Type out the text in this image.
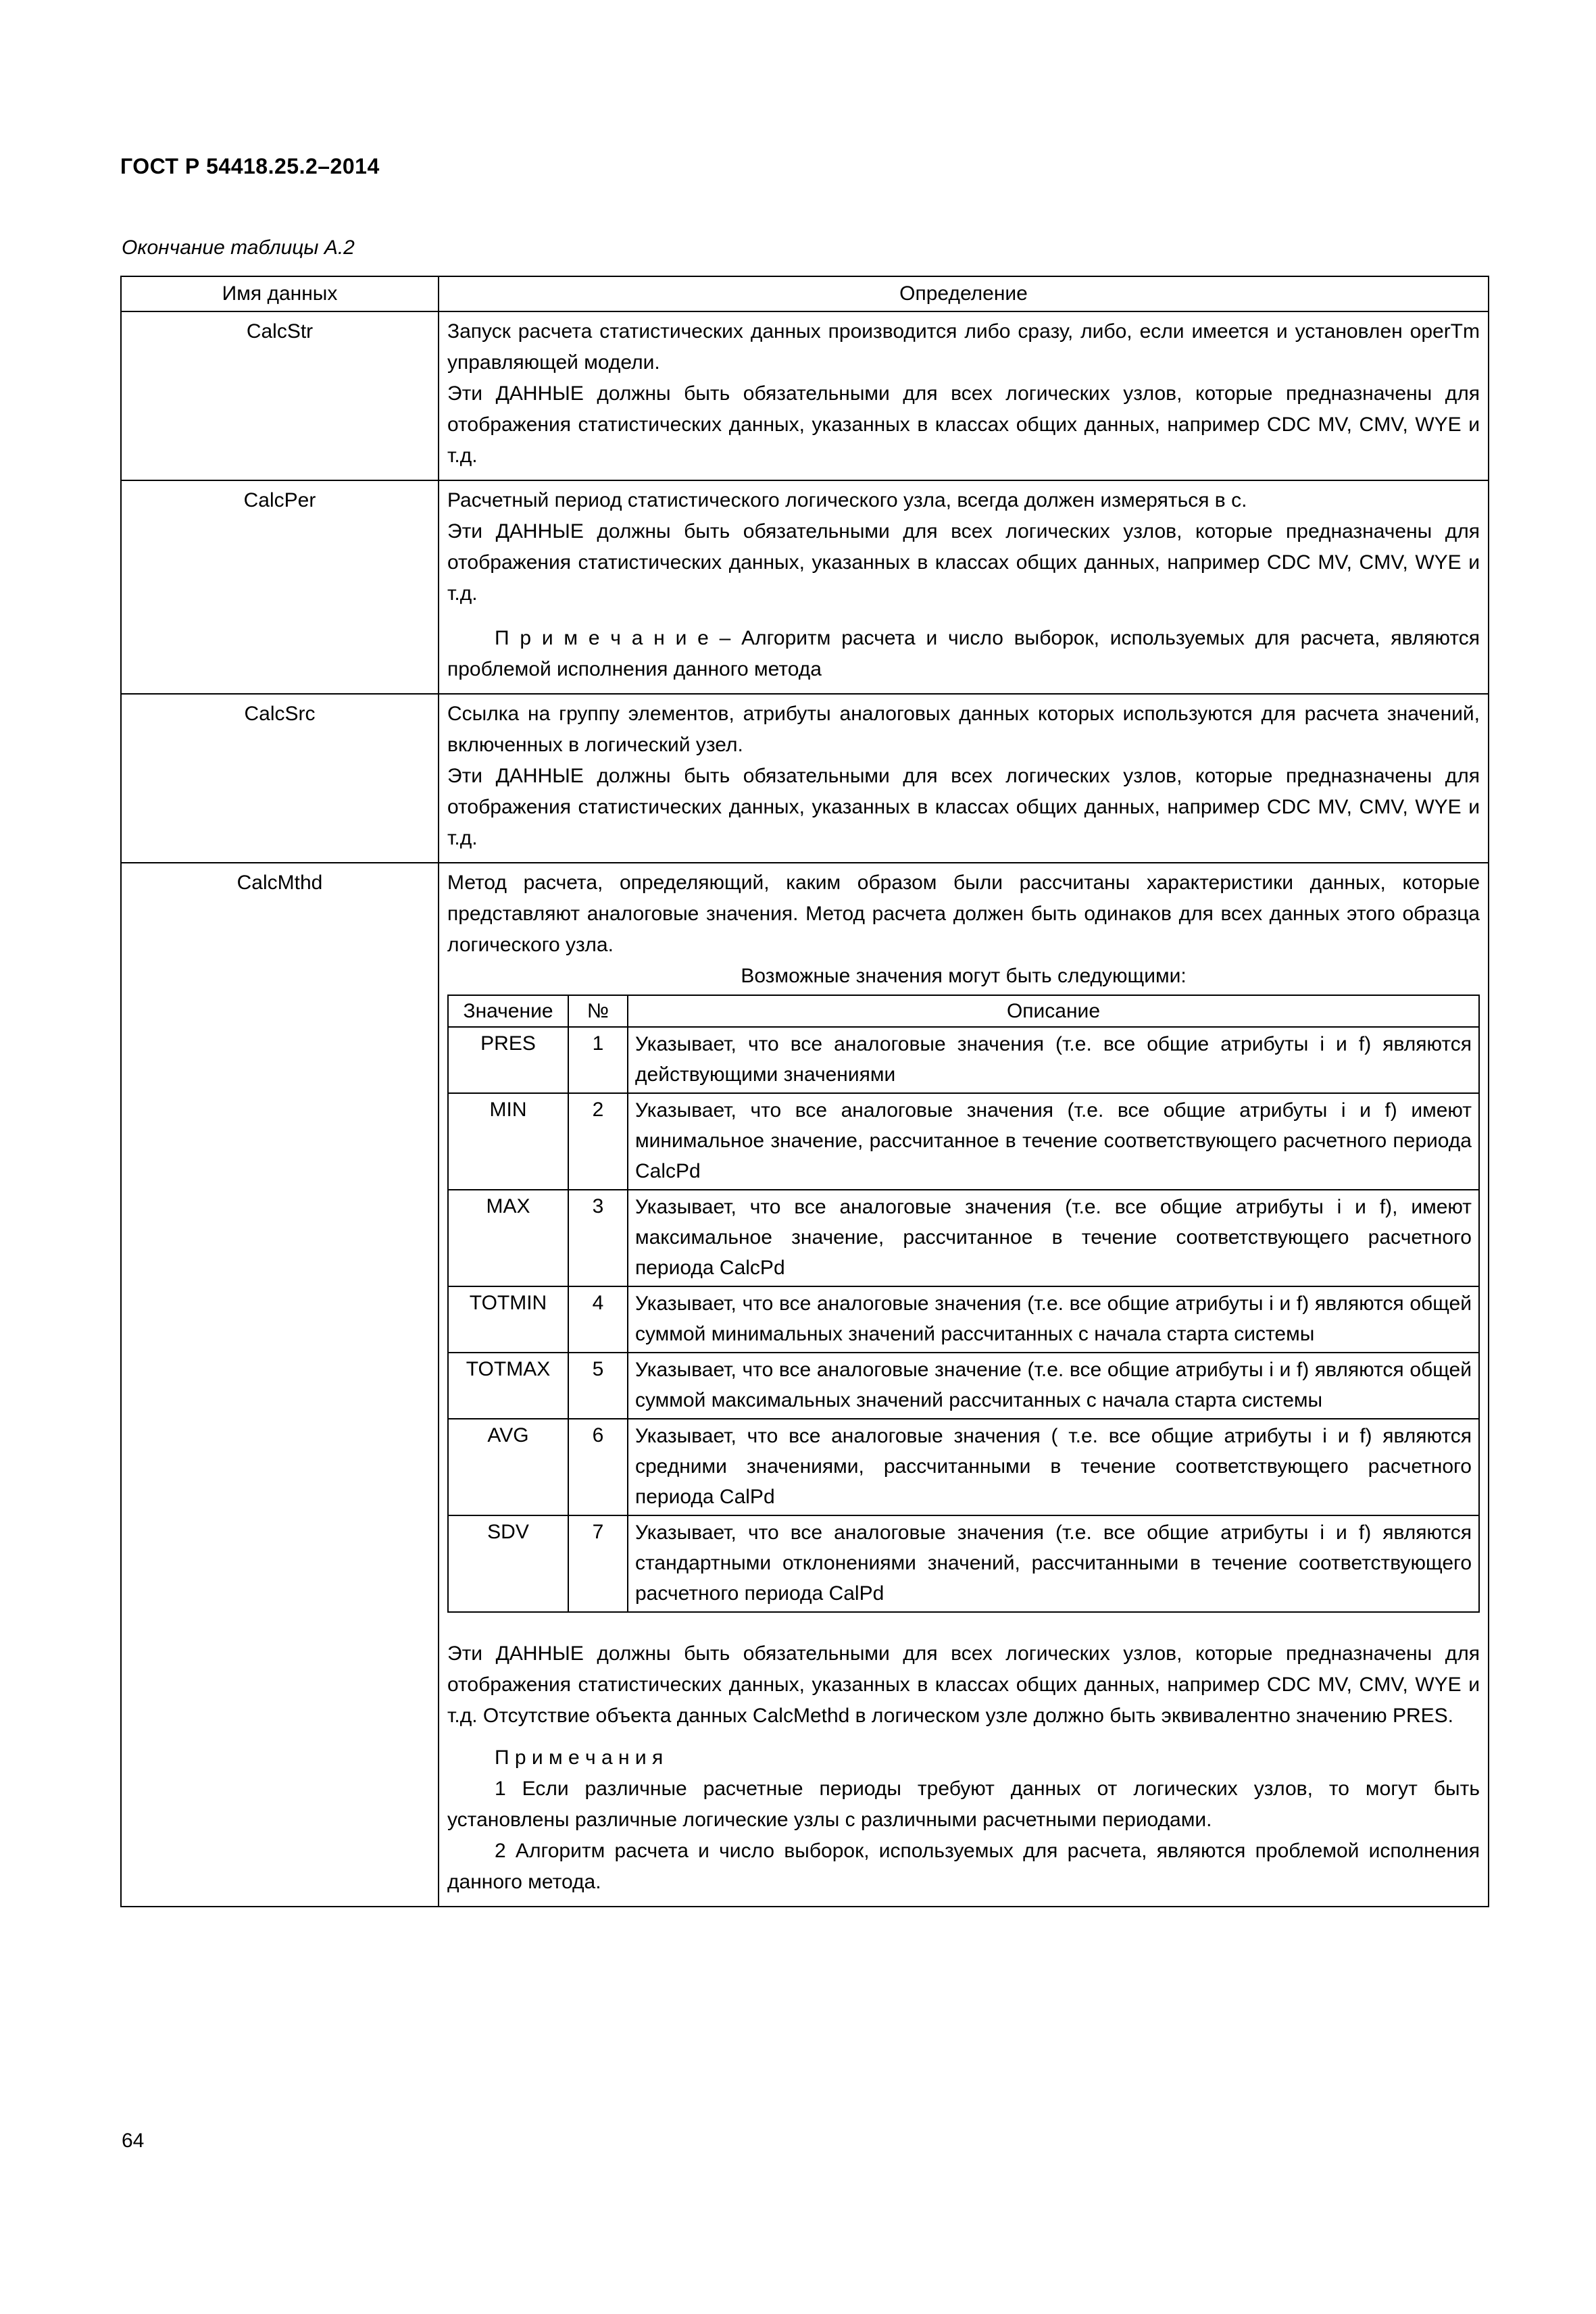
ГОСТ Р 54418.25.2–2014
Окончание таблицы А.2
Имя данных	Определение
CalcStr	Запуск расчета статистических данных производится либо сразу, либо, если имеется и установлен operTm управляющей модели.

Эти ДАННЫЕ должны быть обязательными для всех логических узлов, которые предназначены для отображения статистических данных, указанных в классах общих данных, например CDC MV, CMV, WYE и т.д.

CalcPer	Расчетный период статистического логического узла, всегда должен измеряться в с.

Эти ДАННЫЕ должны быть обязательными для всех логических узлов, которые предназначены для отображения статистических данных, указанных в классах общих данных, например CDC MV, CMV, WYE и т.д.

П р и м е ч а н и е – Алгоритм расчета и число выборок, используемых для расчета, являются проблемой исполнения данного метода

CalcSrc	Ссылка на группу элементов, атрибуты аналоговых данных которых используются для расчета значений, включенных в логический узел.

Эти ДАННЫЕ должны быть обязательными для всех логических узлов, которые предназначены для отображения статистических данных, указанных в классах общих данных, например CDC MV, CMV, WYE и т.д.

CalcMthd	Метод расчета, определяющий, каким образом были рассчитаны характеристики данных, которые представляют аналоговые значения. Метод расчета должен быть одинаков для всех данных этого образца логического узла.

Возможные значения могут быть следующими:

Значение	№	Описание
PRES	1	Указывает, что все аналоговые значения (т.е. все общие атрибуты i и f) являются действующими значениями
MIN	2	Указывает, что все аналоговые значения (т.е. все общие атрибуты i и f) имеют минимальное значение, рассчитанное в течение соответствующего расчетного периода CalcPd
MAX	3	Указывает, что все аналоговые значения (т.е. все общие атрибуты i и f), имеют максимальное значение, рассчитанное в течение соответствующего расчетного периода CalcPd
TOTMIN	4	Указывает, что все аналоговые значения (т.е. все общие атрибуты i и f) являются общей суммой минимальных значений рассчитанных с начала старта системы
TOTMAX	5	Указывает, что все аналоговые значение (т.е. все общие атрибуты i и f) являются общей суммой максимальных значений рассчитанных с начала старта системы
AVG	6	Указывает, что все аналоговые значения ( т.е. все общие атрибуты i и f) являются средними значениями, рассчитанными в течение соответствующего расчетного периода CalPd
SDV	7	Указывает, что все аналоговые значения (т.е. все общие атрибуты i и f) являются стандартными отклонениями значений, рассчитанными в течение соответствующего расчетного периода CalPd

Эти ДАННЫЕ должны быть обязательными для всех логических узлов, которые предназначены для отображения статистических данных, указанных в классах общих данных, например CDC MV, CMV, WYE и т.д. Отсутствие объекта данных CalcMethd в логическом узле должно быть эквивалентно значению PRES.

П р и м е ч а н и я

1 Если различные расчетные периоды требуют данных от логических узлов, то могут быть установлены различные логические узлы с различными расчетными периодами.

2 Алгоритм расчета и число выборок, используемых для расчета, являются проблемой исполнения данного метода.

64
